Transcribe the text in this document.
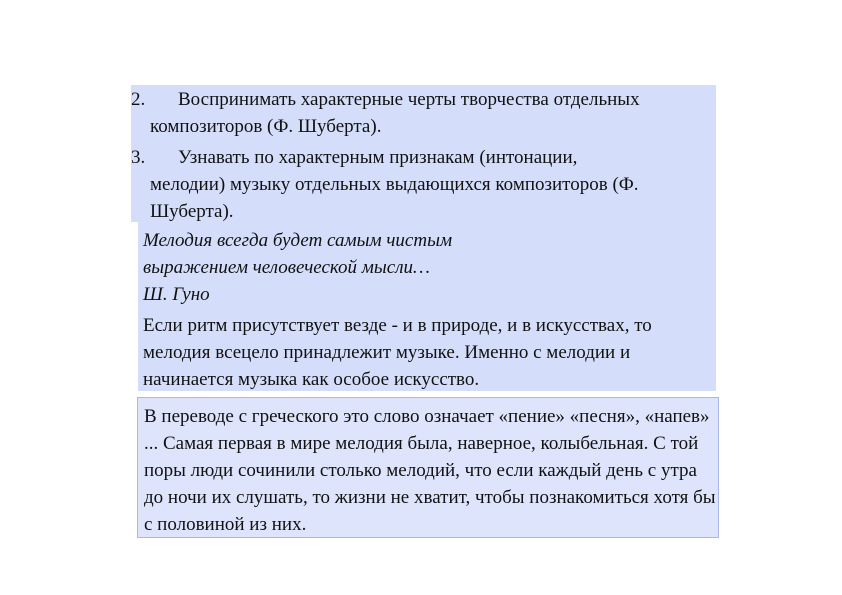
2. Воспринимать характерные черты творчества отдельных
композиторов (Ф. Шуберта).
3. Узнавать по характерным признакам (интонации,
мелодии) музыку отдельных выдающихся композиторов (Ф. Шуберта).
Мелодия всегда будет самым чистым
выражением человеческой мысли…
Ш. Гуно
Если ритм присутствует везде - и в природе, и в искусствах, то мелодия всецело принадлежит музыке. Именно с мелодии и начинается музыка как особое искусство.
В переводе с греческого это слово означает «пение» «песня», «напев» ... Самая первая в мире мелодия была, наверное, колыбельная. С той поры люди сочинили столько мелодий, что если каждый день с утра до ночи их слушать, то жизни не хватит, чтобы познакомиться хотя бы с половиной из них.
